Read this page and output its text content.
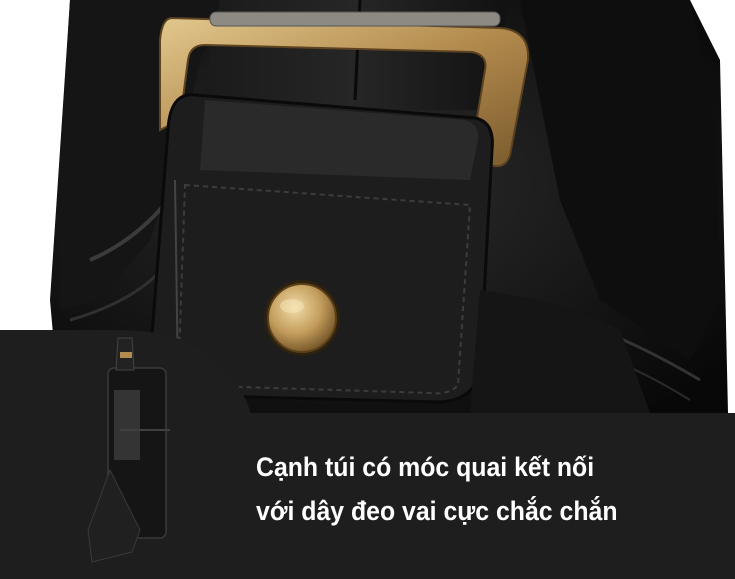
Cạnh túi có móc quai kết nối
với dây đeo vai cực chắc chắn
